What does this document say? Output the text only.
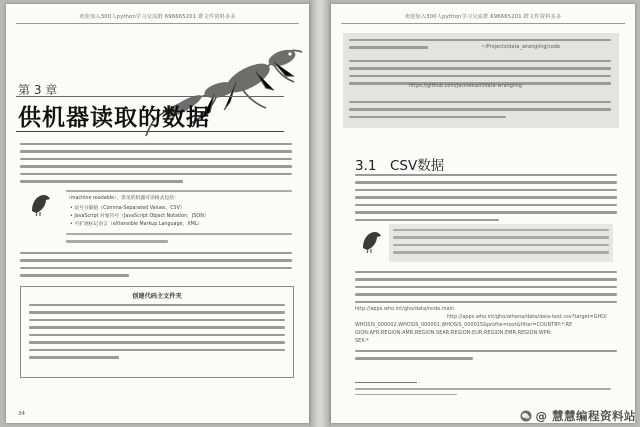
欢迎加入300人python学习交流群 696665201 群文件资料多多
第 3 章
供机器读取的数据
（machine readable），常见的机器可读格式包括：
• 逗号分隔值（Comma-Separated Values，CSV）
• JavaScript 对象符号（JavaScript Object Notation，JSON）
• 可扩展标记语言（eXtensible Markup Language，XML）
创建代码主文件夹
34
欢迎加入300人python学习交流群 696665201 群文件资料多多
~/Projects/data_wrangling/code
https://github.com/jackiekazil/data-wrangling
3.1　CSV数据
http://apps.who.int/gho/data/node.main.
http://apps.who.int/gho/athena/data/data-text.csv?target=GHO/
WHOSIS_000002,WHOSIS_000001,WHOSIS_000015&profile=text&filter=COUNTRY:*;RE
GION:AFR;REGION:AMR;REGION:SEAR;REGION:EUR;REGION:EMR;REGION:WPR;
SEX:*
@ 慧慧编程资料站
